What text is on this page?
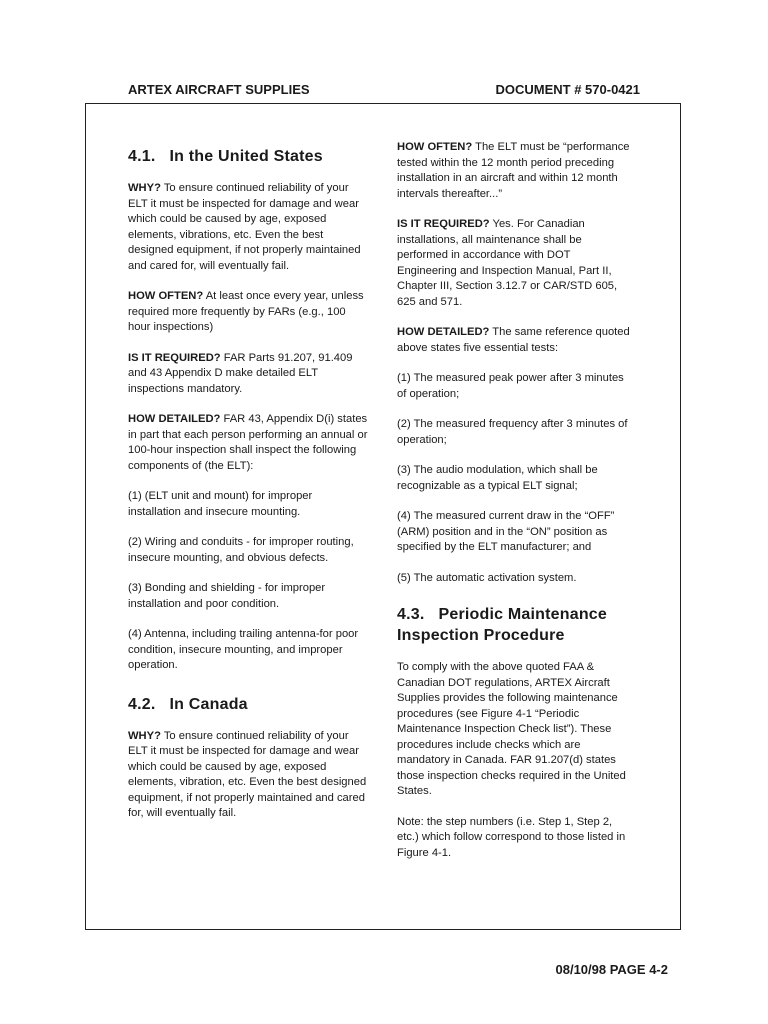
ARTEX AIRCRAFT SUPPLIES	DOCUMENT # 570-0421
4.1. In the United States

WHY? To ensure continued reliability of your ELT it must be inspected for damage and wear which could be caused by age, exposed elements, vibrations, etc. Even the best designed equipment, if not properly maintained and cared for, will eventually fail.

HOW OFTEN? At least once every year, unless required more frequently by FARs (e.g., 100 hour inspections)

IS IT REQUIRED? FAR Parts 91.207, 91.409 and 43 Appendix D make detailed ELT inspections mandatory.

HOW DETAILED? FAR 43, Appendix D(i) states in part that each person performing an annual or 100-hour inspection shall inspect the following components of (the ELT):

(1) (ELT unit and mount) for improper installation and insecure mounting.
(2) Wiring and conduits - for improper routing, insecure mounting, and obvious defects.
(3) Bonding and shielding - for improper installation and poor condition.
(4) Antenna, including trailing antenna-for poor condition, insecure mounting, and improper operation.
4.2. In Canada

WHY? To ensure continued reliability of your ELT it must be inspected for damage and wear which could be caused by age, exposed elements, vibration, etc. Even the best designed equipment, if not properly maintained and cared for, will eventually fail.

HOW OFTEN? The ELT must be “performance tested within the 12 month period preceding installation in an aircraft and within 12 month intervals thereafter...”

IS IT REQUIRED? Yes. For Canadian installations, all maintenance shall be performed in accordance with DOT Engineering and Inspection Manual, Part II, Chapter III, Section 3.12.7 or CAR/STD 605, 625 and 571.

HOW DETAILED? The same reference quoted above states five essential tests:

(1) The measured peak power after 3 minutes of operation;
(2) The measured frequency after 3 minutes of operation;
(3) The audio modulation, which shall be recognizable as a typical ELT signal;
(4) The measured current draw in the “OFF” (ARM) position and in the “ON” position as specified by the ELT manufacturer; and
(5) The automatic activation system.
4.3. Periodic Maintenance Inspection Procedure

To comply with the above quoted FAA & Canadian DOT regulations, ARTEX Aircraft Supplies provides the following maintenance procedures (see Figure 4-1 “Periodic Maintenance Inspection Check list”). These procedures include checks which are mandatory in Canada. FAR 91.207(d) states those inspection checks required in the United States.

Note: the step numbers (i.e. Step 1, Step 2, etc.) which follow correspond to those listed in Figure 4-1.

08/10/98 PAGE 4-2
